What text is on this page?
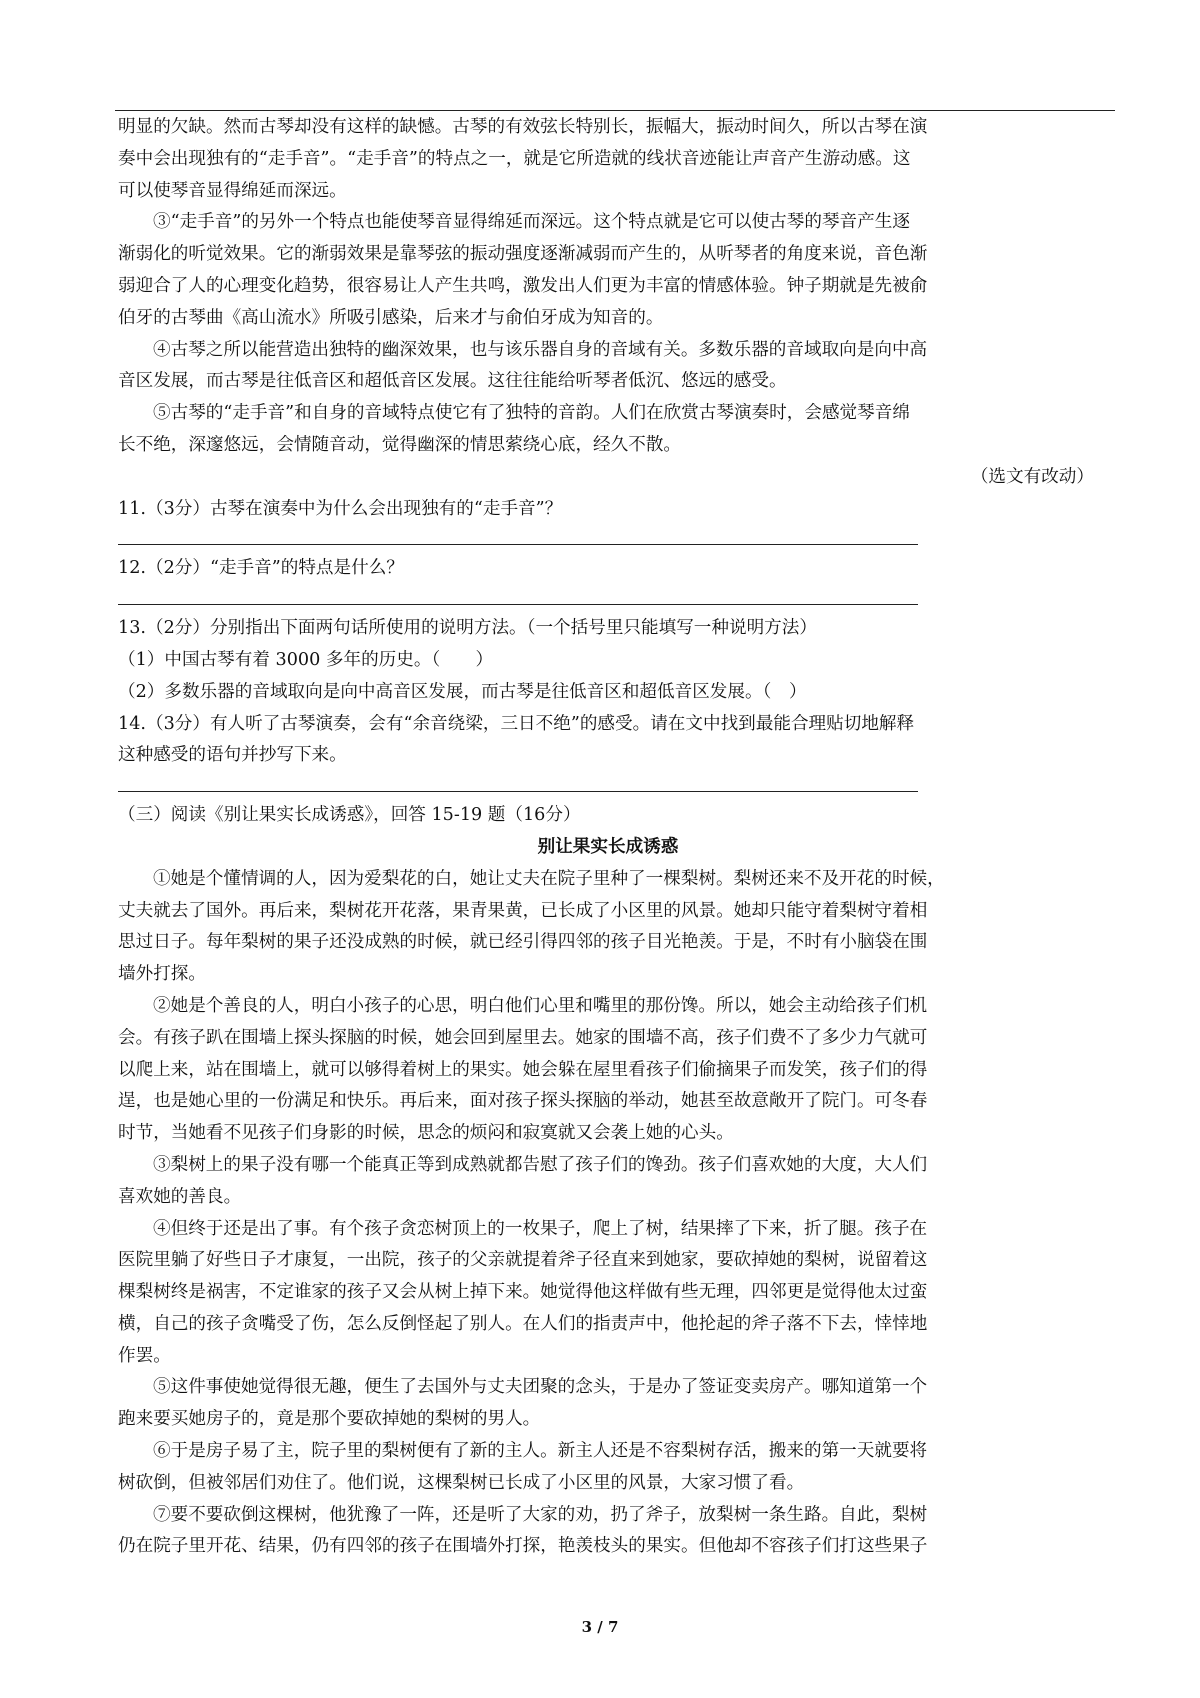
明显的欠缺。然而古琴却没有这样的缺憾。古琴的有效弦长特别长，振幅大，振动时间久，所以古琴在演
奏中会出现独有的“走手音”。“走手音”的特点之一，就是它所造就的线状音迹能让声音产生游动感。这
可以使琴音显得绵延而深远。
③“走手音”的另外一个特点也能使琴音显得绵延而深远。这个特点就是它可以使古琴的琴音产生逐
渐弱化的听觉效果。它的渐弱效果是靠琴弦的振动强度逐渐减弱而产生的，从听琴者的角度来说，音色渐
弱迎合了人的心理变化趋势，很容易让人产生共鸣，激发出人们更为丰富的情感体验。钟子期就是先被俞
伯牙的古琴曲《高山流水》所吸引感染，后来才与俞伯牙成为知音的。
④古琴之所以能营造出独特的幽深效果，也与该乐器自身的音域有关。多数乐器的音域取向是向中高
音区发展，而古琴是往低音区和超低音区发展。这往往能给听琴者低沉、悠远的感受。
⑤古琴的“走手音”和自身的音域特点使它有了独特的音韵。人们在欣赏古琴演奏时，会感觉琴音绵
长不绝，深邃悠远，会情随音动，觉得幽深的情思萦绕心底，经久不散。
（选文有改动）
11.（3分）古琴在演奏中为什么会出现独有的“走手音”？
12.（2分）“走手音”的特点是什么？
13.（2分）分别指出下面两句话所使用的说明方法。（一个括号里只能填写一种说明方法）
（1）中国古琴有着 3000 多年的历史。（　　）
（2）多数乐器的音域取向是向中高音区发展，而古琴是往低音区和超低音区发展。（　）
14.（3分）有人听了古琴演奏，会有“余音绕梁，三日不绝”的感受。请在文中找到最能合理贴切地解释
这种感受的语句并抄写下来。
（三）阅读《别让果实长成诱惑》，回答 15-19 题（16分）
别让果实长成诱惑
①她是个懂情调的人，因为爱梨花的白，她让丈夫在院子里种了一棵梨树。梨树还来不及开花的时候，
丈夫就去了国外。再后来，梨树花开花落，果青果黄，已长成了小区里的风景。她却只能守着梨树守着相
思过日子。每年梨树的果子还没成熟的时候，就已经引得四邻的孩子目光艳羡。于是，不时有小脑袋在围
墙外打探。
②她是个善良的人，明白小孩子的心思，明白他们心里和嘴里的那份馋。所以，她会主动给孩子们机
会。有孩子趴在围墙上探头探脑的时候，她会回到屋里去。她家的围墙不高，孩子们费不了多少力气就可
以爬上来，站在围墙上，就可以够得着树上的果实。她会躲在屋里看孩子们偷摘果子而发笑，孩子们的得
逞，也是她心里的一份满足和快乐。再后来，面对孩子探头探脑的举动，她甚至故意敞开了院门。可冬春
时节，当她看不见孩子们身影的时候，思念的烦闷和寂寞就又会袭上她的心头。
③梨树上的果子没有哪一个能真正等到成熟就都告慰了孩子们的馋劲。孩子们喜欢她的大度，大人们
喜欢她的善良。
④但终于还是出了事。有个孩子贪恋树顶上的一枚果子，爬上了树，结果摔了下来，折了腿。孩子在
医院里躺了好些日子才康复，一出院，孩子的父亲就提着斧子径直来到她家，要砍掉她的梨树，说留着这
棵梨树终是祸害，不定谁家的孩子又会从树上掉下来。她觉得他这样做有些无理，四邻更是觉得他太过蛮
横，自己的孩子贪嘴受了伤，怎么反倒怪起了别人。在人们的指责声中，他抡起的斧子落不下去，悻悻地
作罢。
⑤这件事使她觉得很无趣，便生了去国外与丈夫团聚的念头，于是办了签证变卖房产。哪知道第一个
跑来要买她房子的，竟是那个要砍掉她的梨树的男人。
⑥于是房子易了主，院子里的梨树便有了新的主人。新主人还是不容梨树存活，搬来的第一天就要将
树砍倒，但被邻居们劝住了。他们说，这棵梨树已长成了小区里的风景，大家习惯了看。
⑦要不要砍倒这棵树，他犹豫了一阵，还是听了大家的劝，扔了斧子，放梨树一条生路。自此，梨树
仍在院子里开花、结果，仍有四邻的孩子在围墙外打探，艳羡枝头的果实。但他却不容孩子们打这些果子
3 / 7
